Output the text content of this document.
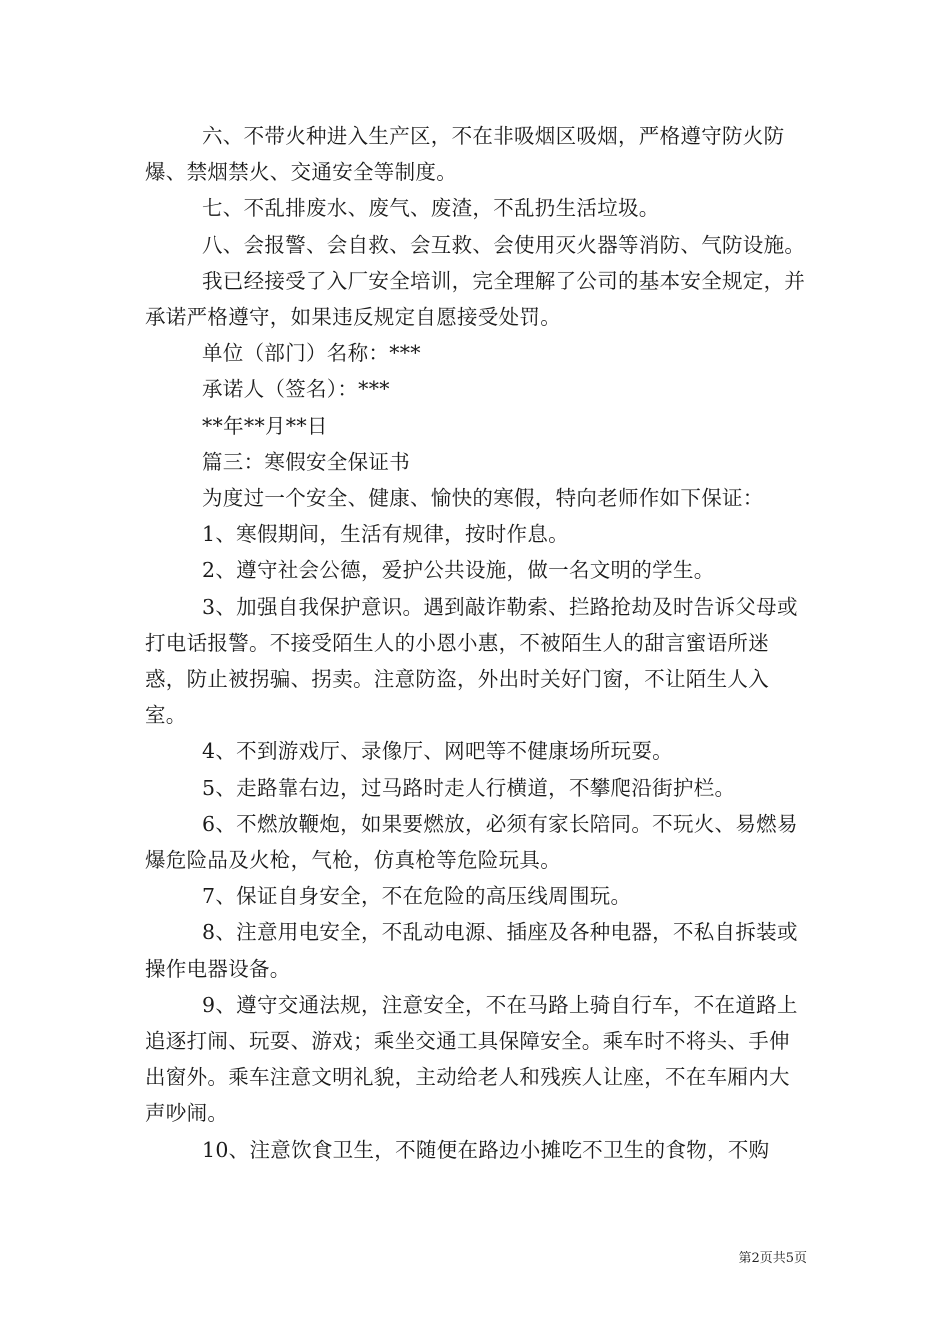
六、不带火种进入生产区，不在非吸烟区吸烟，严格遵守防火防爆、禁烟禁火、交通安全等制度。

七、不乱排废水、废气、废渣，不乱扔生活垃圾。

八、会报警、会自救、会互救、会使用灭火器等消防、气防设施。

我已经接受了入厂安全培训，完全理解了公司的基本安全规定，并承诺严格遵守，如果违反规定自愿接受处罚。

单位（部门）名称：***

承诺人（签名）：***

**年**月**日

篇三：寒假安全保证书

为度过一个安全、健康、愉快的寒假，特向老师作如下保证：

1、寒假期间，生活有规律，按时作息。

2、遵守社会公德，爱护公共设施，做一名文明的学生。

3、加强自我保护意识。遇到敲诈勒索、拦路抢劫及时告诉父母或打电话报警。不接受陌生人的小恩小惠，不被陌生人的甜言蜜语所迷惑，防止被拐骗、拐卖。注意防盗，外出时关好门窗，不让陌生人入室。

4、不到游戏厅、录像厅、网吧等不健康场所玩耍。

5、走路靠右边，过马路时走人行横道，不攀爬沿街护栏。

6、不燃放鞭炮，如果要燃放，必须有家长陪同。不玩火、易燃易爆危险品及火枪，气枪，仿真枪等危险玩具。

7、保证自身安全，不在危险的高压线周围玩。

8、注意用电安全，不乱动电源、插座及各种电器，不私自拆装或操作电器设备。

9、遵守交通法规，注意安全，不在马路上骑自行车，不在道路上追逐打闹、玩耍、游戏；乘坐交通工具保障安全。乘车时不将头、手伸出窗外。乘车注意文明礼貌，主动给老人和残疾人让座，不在车厢内大声吵闹。

10、注意饮食卫生，不随便在路边小摊吃不卫生的食物，不购

第2页共5页
